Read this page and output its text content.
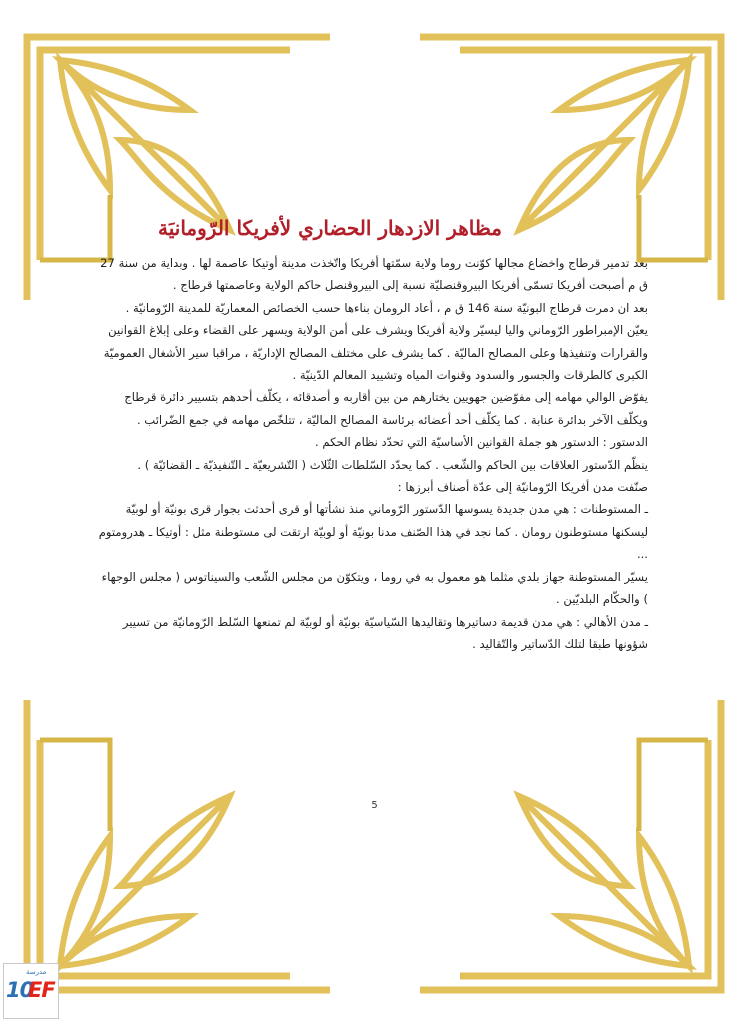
مظاهر الازدهار الحضاري لأفريكا الرّومانيَة

بعد تدمير قرطاج واخضاع مجالها كوّنت روما ولاية سمّتها أفريكا واتّخذت مدينة أوتيكا عاصمة لها . وبداية من سنة 27 ق م أصبحت أفريكا تسمّى أفريكا البيروقنصليّة نسبة إلى البيروقنصل حاكم الولاية وعاصمتها قرطاج .

بعد ان دمرت قرطاج البونيّة سنة 146 ق م ، أعاد الرومان بناءها حسب الخصائص المعماريّة للمدينة الرّومانيّة .

يعيّن الإمبراطور الرّوماني واليا ليسيّر ولاية أفريكا ويشرف على أمن الولاية ويسهر على القضاء وعلى إبلاغ القوانين والقرارات وتنفيذها وعلى المصالح الماليّة . كما يشرف على مختلف المصالح الإداريّة ، مراقبا سير الأشغال العموميّة الكبرى كالطرقات والجسور والسدود وقنوات المياه وتشييد المعالم الدّينيّة .

يفوّض الوالي مهامه إلى مفوّضين جهويين يختارهم من بين أقاربه و أصدقائه ، يكلّف أحدهم بتسيير دائرة قرطاج ويكلّف الآخر بدائرة عنابة . كما يكلّف أحد أعضائه برئاسة المصالح الماليّة ، تتلخّص مهامه في جمع الضّرائب .

الدستور : الدستور هو جملة القوانين الأساسيّة التي تحدّد نظام الحكم .

ينظّم الدّستور العلاقات بين الحاكم والشّعب . كما يحدّد السّلطات الثّلاث ( التّشريعيّة ـ التّنفيذيّة ـ القضائيّة ) .

صنّفت مدن أفريكا الرّومانيّة إلى عدّة أصناف أبرزها :

ـ المستوطنات : هي مدن جديدة يسوسها الدّستور الرّوماني منذ نشأتها أو قرى أحدثت بجوار قرى بونيّة أو لوبيّة ليسكنها مستوطنون رومان . كما نجد في هذا الصّنف مدنا بونيّة أو لوبيّة ارتقت لى مستوطنة مثل : أوتيكا ـ هدرومتوم ...

يسيّر المستوطنة جهاز بلدي مثلما هو معمول به في روما ، ويتكوّن من مجلس الشّعب والسيناتوس ( مجلس الوجهاء ) والحكّام البلديّين .

ـ مدن الأهالي : هي مدن قديمة دساتيرها وتقاليدها السّياسيّة بونيّة أو لوبيّة لم تمنعها السّلط الرّومانيّة من تسيير شؤونها طبقا لتلك الدّساتير والتّقاليد .

5
مدرسة
10
EF
